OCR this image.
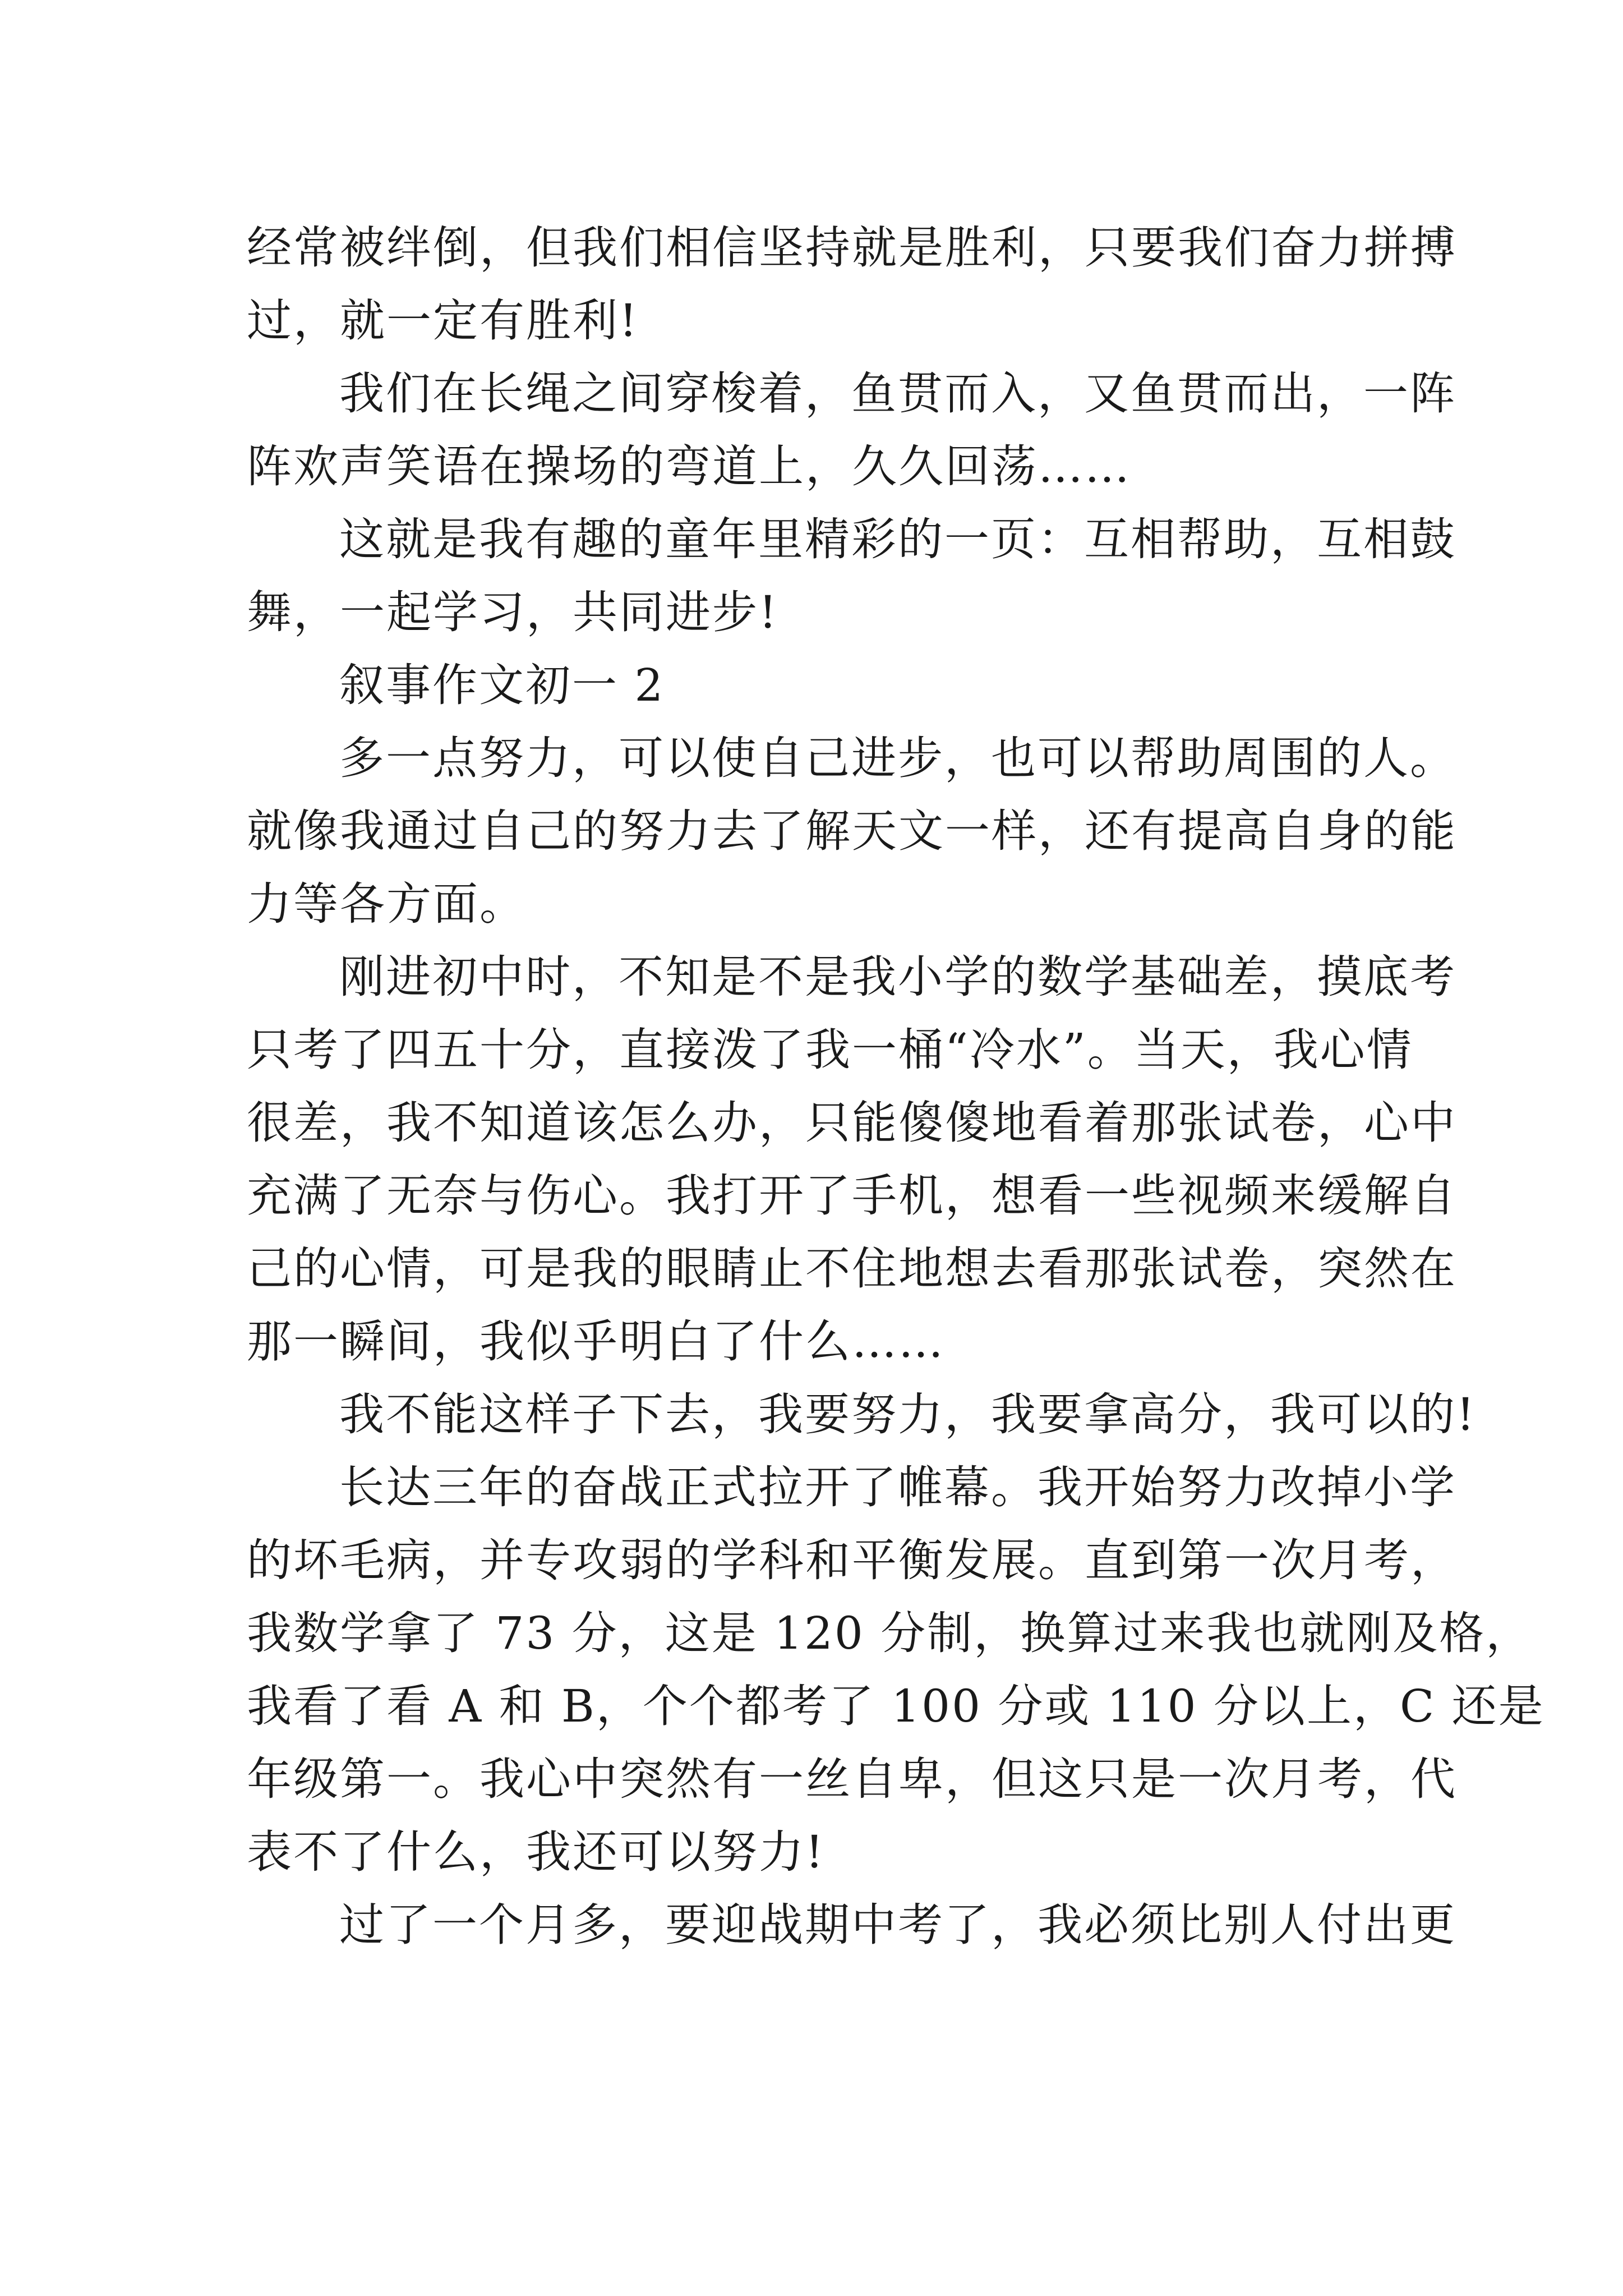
经常被绊倒，但我们相信坚持就是胜利，只要我们奋力拼搏
过，就一定有胜利!
我们在长绳之间穿梭着，鱼贯而入，又鱼贯而出，一阵
阵欢声笑语在操场的弯道上，久久回荡……
这就是我有趣的童年里精彩的一页：互相帮助，互相鼓
舞，一起学习，共同进步!
叙事作文初一 2
多一点努力，可以使自己进步，也可以帮助周围的人。
就像我通过自己的努力去了解天文一样，还有提高自身的能
力等各方面。
刚进初中时，不知是不是我小学的数学基础差，摸底考
只考了四五十分，直接泼了我一桶“冷水”。当天，我心情
很差，我不知道该怎么办，只能傻傻地看着那张试卷，心中
充满了无奈与伤心。我打开了手机，想看一些视频来缓解自
己的心情，可是我的眼睛止不住地想去看那张试卷，突然在
那一瞬间，我似乎明白了什么……
我不能这样子下去，我要努力，我要拿高分，我可以的!
长达三年的奋战正式拉开了帷幕。我开始努力改掉小学
的坏毛病，并专攻弱的学科和平衡发展。直到第一次月考，
我数学拿了 73 分，这是 120 分制，换算过来我也就刚及格，
我看了看 A 和 B，个个都考了 100 分或 110 分以上，C 还是
年级第一。我心中突然有一丝自卑，但这只是一次月考，代
表不了什么，我还可以努力!
过了一个月多，要迎战期中考了，我必须比别人付出更
